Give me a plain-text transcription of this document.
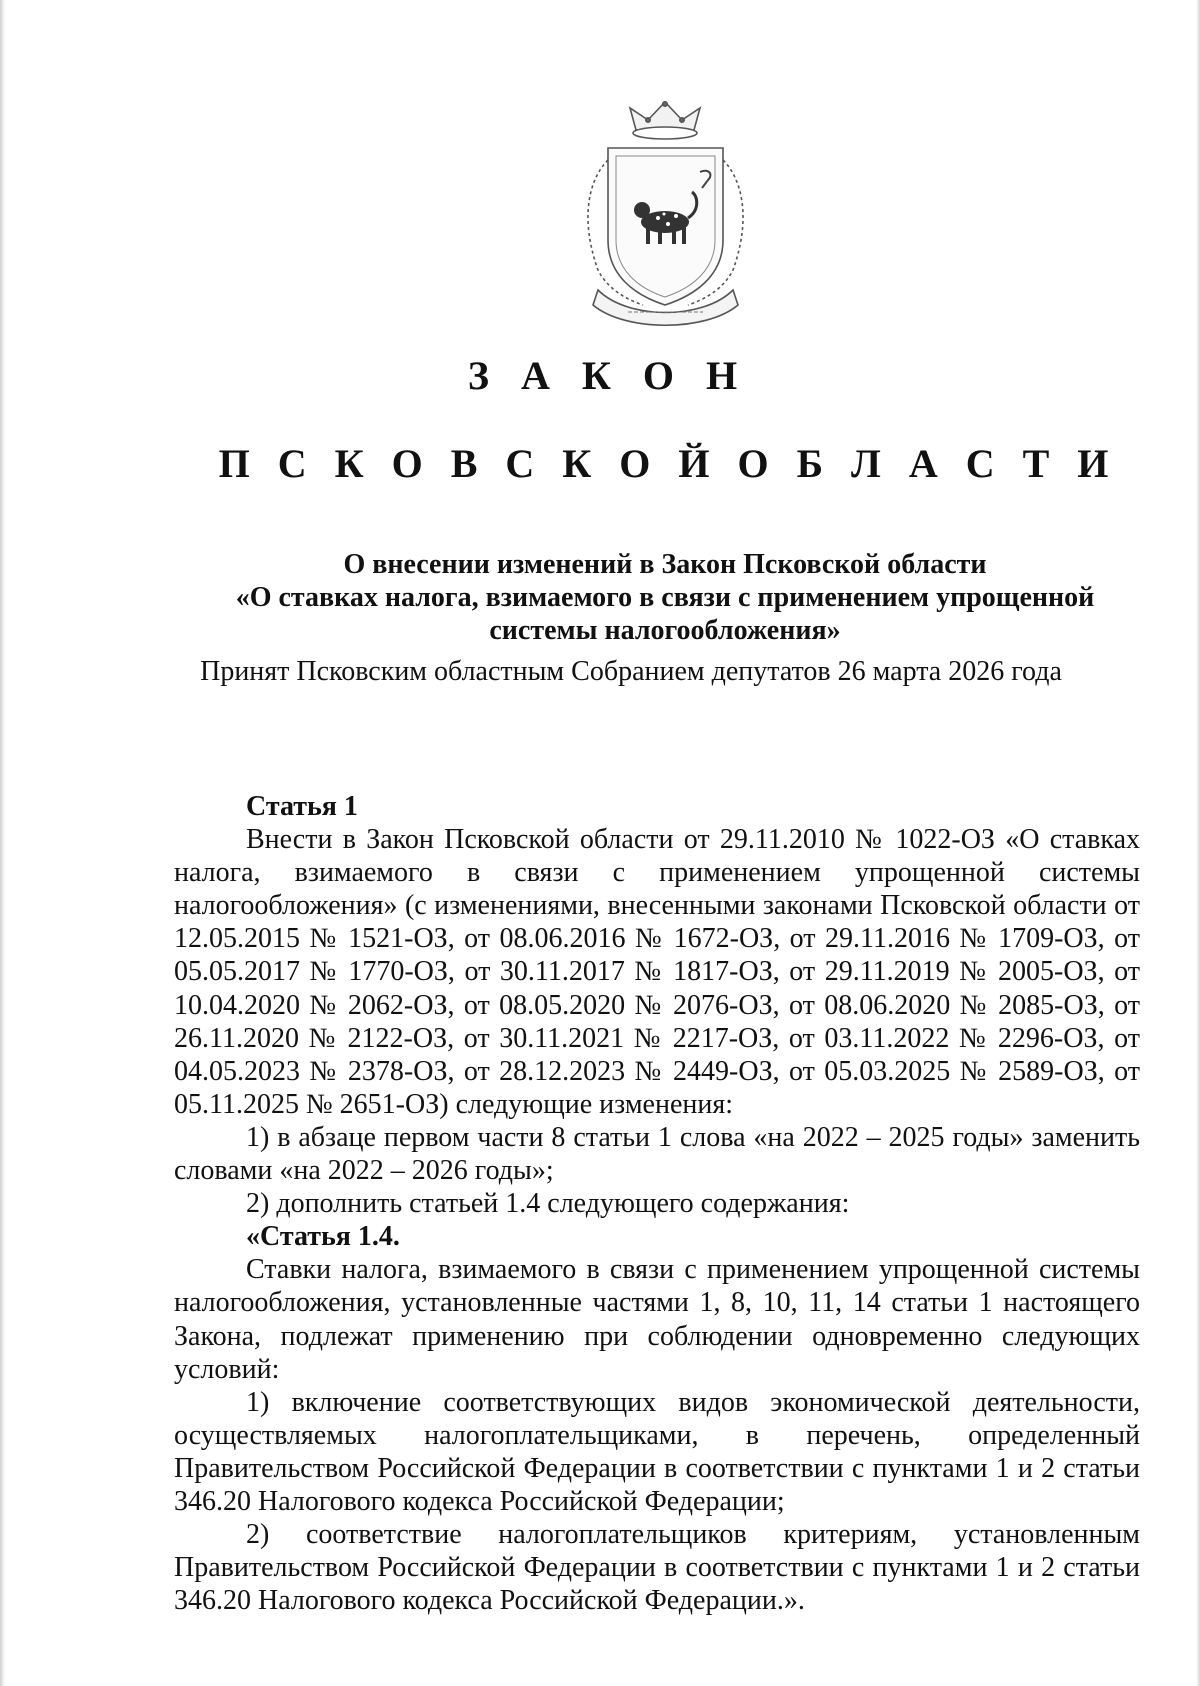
З А К О Н
П С К О В С К О Й О Б Л А С Т И
О внесении изменений в Закон Псковской области
«О ставках налога, взимаемого в связи с применением упрощенной
системы налогообложения»
Принят Псковским областным Собранием депутатов 26 марта 2026 года

Статья 1

Внести в Закон Псковской области от 29.11.2010 № 1022-ОЗ «О ставках налога, взимаемого в связи с применением упрощенной системы налогообложения» (с изменениями, внесенными законами Псковской области от 12.05.2015 № 1521-ОЗ, от 08.06.2016 № 1672-ОЗ, от 29.11.2016 № 1709-ОЗ, от 05.05.2017 № 1770-ОЗ, от 30.11.2017 № 1817-ОЗ, от 29.11.2019 № 2005-ОЗ, от 10.04.2020 № 2062-ОЗ, от 08.05.2020 № 2076-ОЗ, от 08.06.2020 № 2085-ОЗ, от 26.11.2020 № 2122-ОЗ, от 30.11.2021 № 2217-ОЗ, от 03.11.2022 № 2296-ОЗ, от 04.05.2023 № 2378-ОЗ, от 28.12.2023 № 2449-ОЗ, от 05.03.2025 № 2589-ОЗ, от 05.11.2025 № 2651-ОЗ) следующие изменения:

1) в абзаце первом части 8 статьи 1 слова «на 2022 – 2025 годы» заменить словами «на 2022 – 2026 годы»;

2) дополнить статьей 1.4 следующего содержания:

«Статья 1.4.

Ставки налога, взимаемого в связи с применением упрощенной системы налогообложения, установленные частями 1, 8, 10, 11, 14 статьи 1 настоящего Закона, подлежат применению при соблюдении одновременно следующих условий:

1) включение соответствующих видов экономической деятельности, осуществляемых налогоплательщиками, в перечень, определенный Правительством Российской Федерации в соответствии с пунктами 1 и 2 статьи 346.20 Налогового кодекса Российской Федерации;

2) соответствие налогоплательщиков критериям, установленным Правительством Российской Федерации в соответствии с пунктами 1 и 2 статьи 346.20 Налогового кодекса Российской Федерации.».
